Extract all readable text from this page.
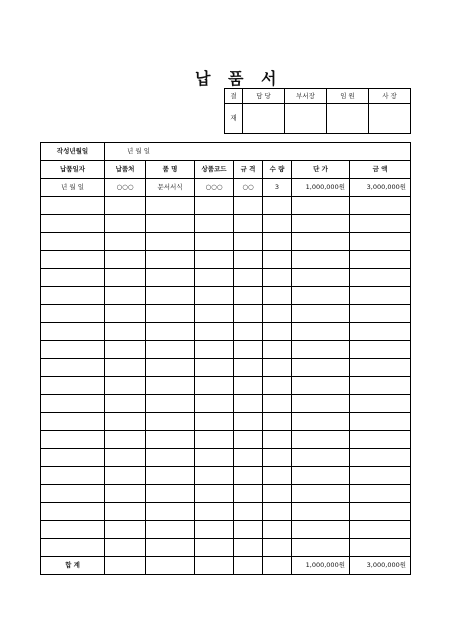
납 품 서
결	담 당	부서장	임 원	사 장
재				
작성년월일	년 월 일						
납품일자	납품처	품 명	상품코드	규 격	수 량	단 가	금 액
년 월 일	○○○	문서서식	○○○	○○	3	1,000,000원	3,000,000원

합 계						1,000,000원	3,000,000원
